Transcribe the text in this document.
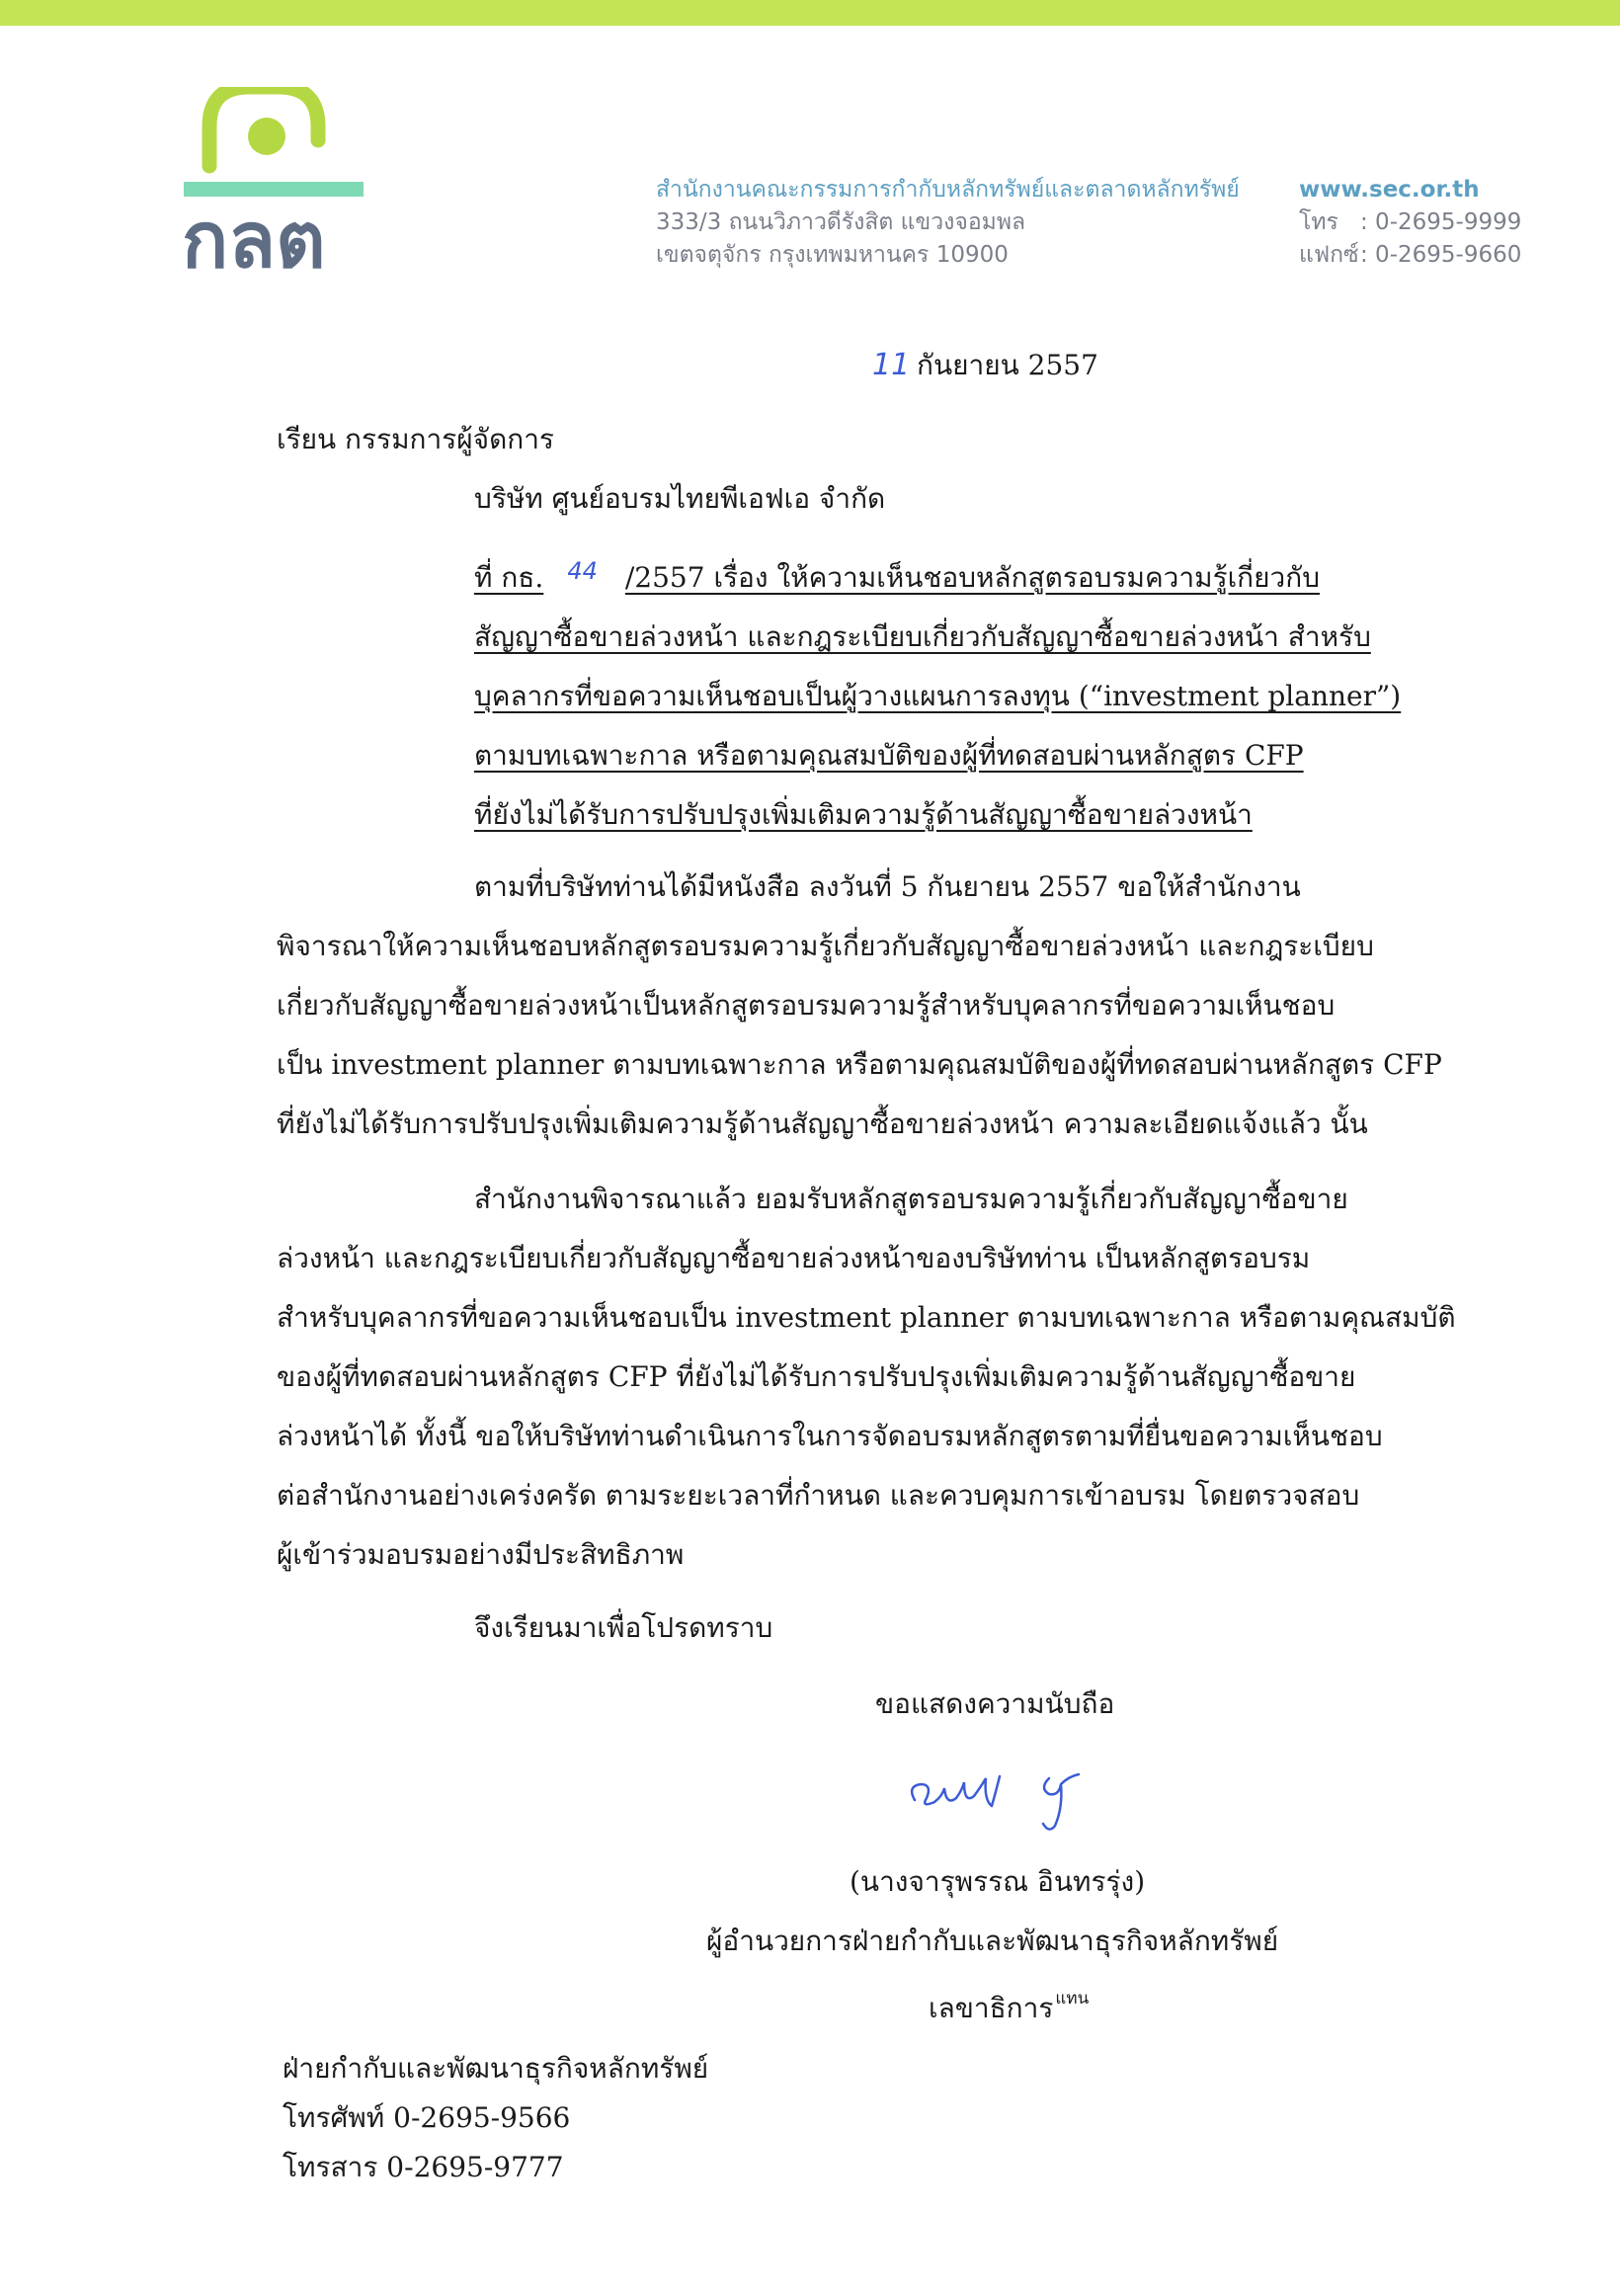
กลต
สำนักงานคณะกรรมการกำกับหลักทรัพย์และตลาดหลักทรัพย์
333/3 ถนนวิภาวดีรังสิต แขวงจอมพล
เขตจตุจักร กรุงเทพมหานคร 10900
www.sec.or.th
โทร : 0-2695-9999
แฟกซ์ : 0-2695-9660
11 กันยายน 2557
เรียน กรรมการผู้จัดการ
บริษัท ศูนย์อบรมไทยพีเอฟเอ จำกัด
ที่ กธ. 44 /2557 เรื่อง ให้ความเห็นชอบหลักสูตรอบรมความรู้เกี่ยวกับ
สัญญาซื้อขายล่วงหน้า และกฎระเบียบเกี่ยวกับสัญญาซื้อขายล่วงหน้า สำหรับ
บุคลากรที่ขอความเห็นชอบเป็นผู้วางแผนการลงทุน (“investment planner”)
ตามบทเฉพาะกาล หรือตามคุณสมบัติของผู้ที่ทดสอบผ่านหลักสูตร CFP
ที่ยังไม่ได้รับการปรับปรุงเพิ่มเติมความรู้ด้านสัญญาซื้อขายล่วงหน้า
ตามที่บริษัทท่านได้มีหนังสือ ลงวันที่ 5 กันยายน 2557 ขอให้สำนักงาน
พิจารณาให้ความเห็นชอบหลักสูตรอบรมความรู้เกี่ยวกับสัญญาซื้อขายล่วงหน้า และกฎระเบียบ
เกี่ยวกับสัญญาซื้อขายล่วงหน้าเป็นหลักสูตรอบรมความรู้สำหรับบุคลากรที่ขอความเห็นชอบ
เป็น investment planner ตามบทเฉพาะกาล หรือตามคุณสมบัติของผู้ที่ทดสอบผ่านหลักสูตร CFP
ที่ยังไม่ได้รับการปรับปรุงเพิ่มเติมความรู้ด้านสัญญาซื้อขายล่วงหน้า ความละเอียดแจ้งแล้ว นั้น
สำนักงานพิจารณาแล้ว ยอมรับหลักสูตรอบรมความรู้เกี่ยวกับสัญญาซื้อขาย
ล่วงหน้า และกฎระเบียบเกี่ยวกับสัญญาซื้อขายล่วงหน้าของบริษัทท่าน เป็นหลักสูตรอบรม
สำหรับบุคลากรที่ขอความเห็นชอบเป็น investment planner ตามบทเฉพาะกาล หรือตามคุณสมบัติ
ของผู้ที่ทดสอบผ่านหลักสูตร CFP ที่ยังไม่ได้รับการปรับปรุงเพิ่มเติมความรู้ด้านสัญญาซื้อขาย
ล่วงหน้าได้ ทั้งนี้ ขอให้บริษัทท่านดำเนินการในการจัดอบรมหลักสูตรตามที่ยื่นขอความเห็นชอบ
ต่อสำนักงานอย่างเคร่งครัด ตามระยะเวลาที่กำหนด และควบคุมการเข้าอบรม โดยตรวจสอบ
ผู้เข้าร่วมอบรมอย่างมีประสิทธิภาพ
จึงเรียนมาเพื่อโปรดทราบ
ขอแสดงความนับถือ
(นางจารุพรรณ อินทรรุ่ง)
ผู้อำนวยการฝ่ายกำกับและพัฒนาธุรกิจหลักทรัพย์
เลขาธิการ $^{แทน}$
ฝ่ายกำกับและพัฒนาธุรกิจหลักทรัพย์
โทรศัพท์ 0-2695-9566
โทรสาร 0-2695-9777
